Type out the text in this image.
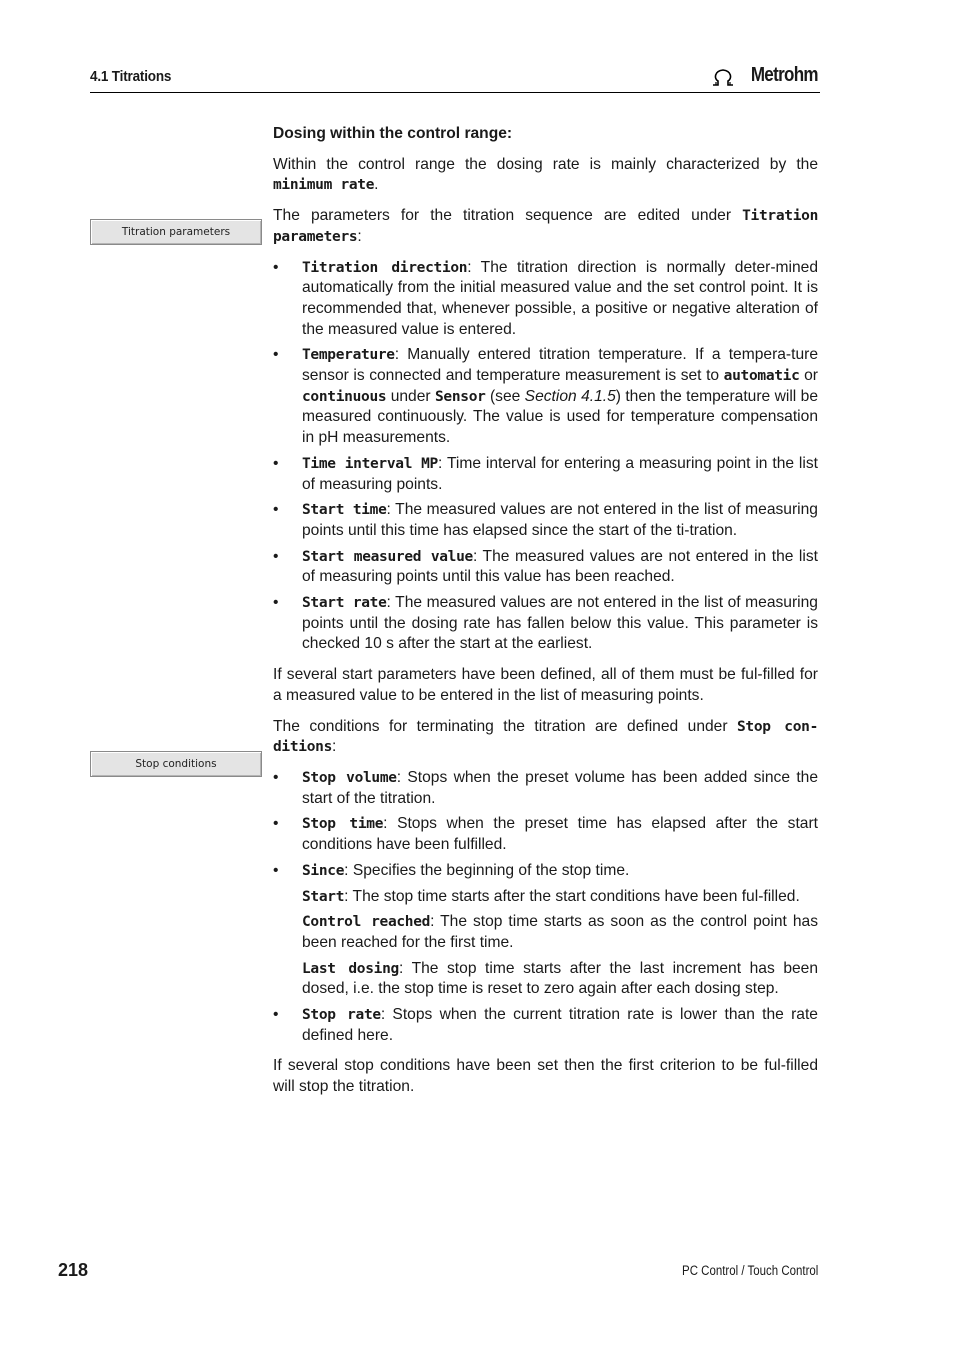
4.1 Titrations	Metrohm
Titration parameters
Stop conditions

Dosing within the control range:

Within the control range the dosing rate is mainly characterized by the minimum rate.

The parameters for the titration sequence are edited under Titration parameters:

• Titration direction: The titration direction is normally deter-mined automatically from the initial measured value and the set control point. It is recommended that, whenever possible, a positive or negative alteration of the measured value is entered.
• Temperature: Manually entered titration temperature. If a tempera-ture sensor is connected and temperature measurement is set to automatic or continuous under Sensor (see Section 4.1.5) then the temperature will be measured continuously. The value is used for temperature compensation in pH measurements.
• Time interval MP: Time interval for entering a measuring point in the list of measuring points.
• Start time: The measured values are not entered in the list of measuring points until this time has elapsed since the start of the ti-tration.
• Start measured value: The measured values are not entered in the list of measuring points until this value has been reached.
• Start rate: The measured values are not entered in the list of measuring points until the dosing rate has fallen below this value. This parameter is checked 10 s after the start at the earliest.

If several start parameters have been defined, all of them must be ful-filled for a measured value to be entered in the list of measuring points.

The conditions for terminating the titration are defined under Stop con-ditions:

• Stop volume: Stops when the preset volume has been added since the start of the titration.
• Stop time: Stops when the preset time has elapsed after the start conditions have been fulfilled.
• Since: Specifies the beginning of the stop time.

Start: The stop time starts after the start conditions have been ful-filled.

Control reached: The stop time starts as soon as the control point has been reached for the first time.

Last dosing: The stop time starts after the last increment has been dosed, i.e. the stop time is reset to zero again after each dosing step.

• Stop rate: Stops when the current titration rate is lower than the rate defined here.

If several stop conditions have been set then the first criterion to be ful-filled will stop the titration.

218	PC Control / Touch Control
